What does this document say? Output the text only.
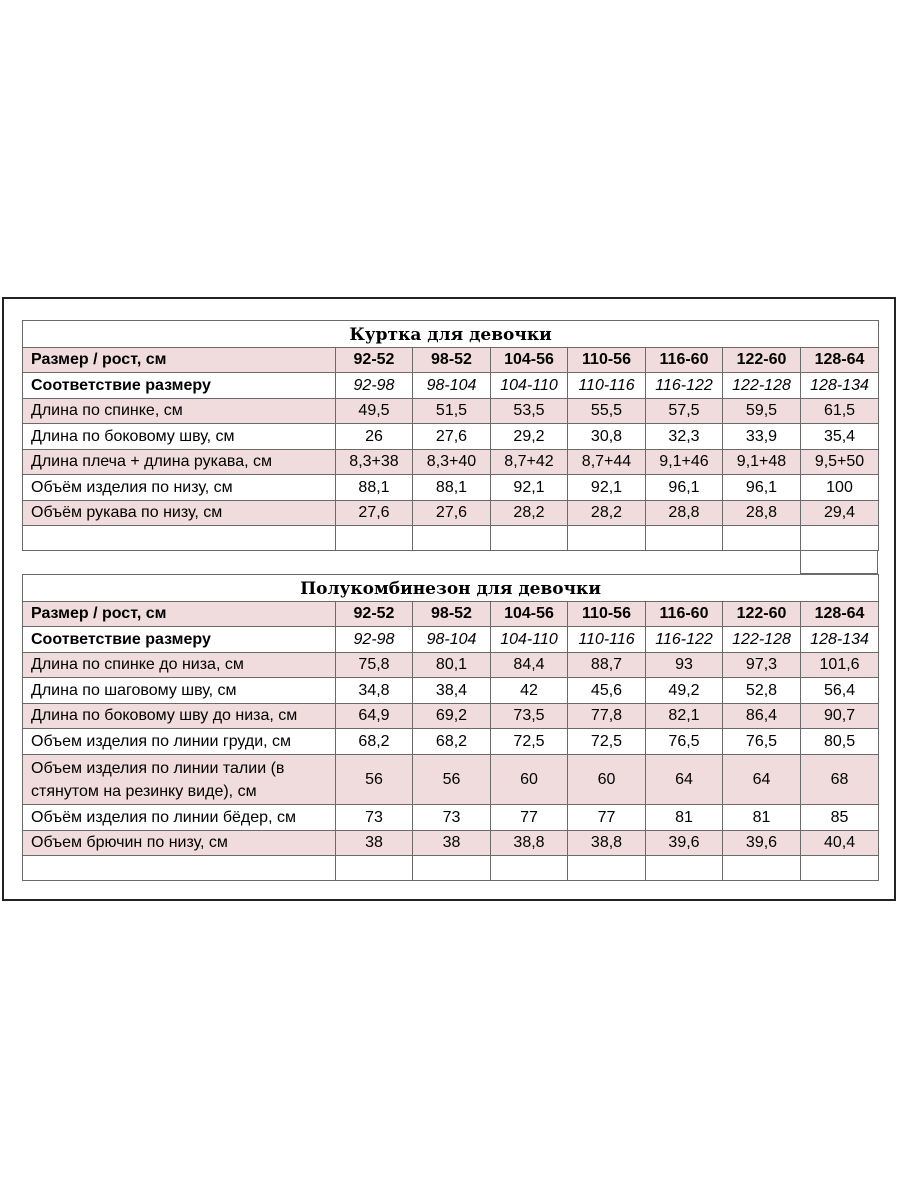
Куртка для девочки							
Размер / рост, см	92-52	98-52	104-56	110-56	116-60	122-60	128-64
Соответствие размеру	92-98	98-104	104-110	110-116	116-122	122-128	128-134
Длина по спинке, см	49,5	51,5	53,5	55,5	57,5	59,5	61,5
Длина по боковому шву, см	26	27,6	29,2	30,8	32,3	33,9	35,4
Длина плеча + длина рукава, см	8,3+38	8,3+40	8,7+42	8,7+44	9,1+46	9,1+48	9,5+50
Объём изделия по низу, см	88,1	88,1	92,1	92,1	96,1	96,1	100
Объём рукава по низу, см	27,6	27,6	28,2	28,2	28,8	28,8	29,4

Полукомбинезон для девочки							
Размер / рост, см	92-52	98-52	104-56	110-56	116-60	122-60	128-64
Соответствие размеру	92-98	98-104	104-110	110-116	116-122	122-128	128-134
Длина по спинке до низа, см	75,8	80,1	84,4	88,7	93	97,3	101,6
Длина по шаговому шву, см	34,8	38,4	42	45,6	49,2	52,8	56,4
Длина по боковому шву до низа, см	64,9	69,2	73,5	77,8	82,1	86,4	90,7
Объем изделия по линии груди, см	68,2	68,2	72,5	72,5	76,5	76,5	80,5
Объем изделия по линии талии (в стянутом на резинку виде), см	56	56	60	60	64	64	68
Объём изделия по линии бёдер, см	73	73	77	77	81	81	85
Объем брючин по низу, см	38	38	38,8	38,8	39,6	39,6	40,4
